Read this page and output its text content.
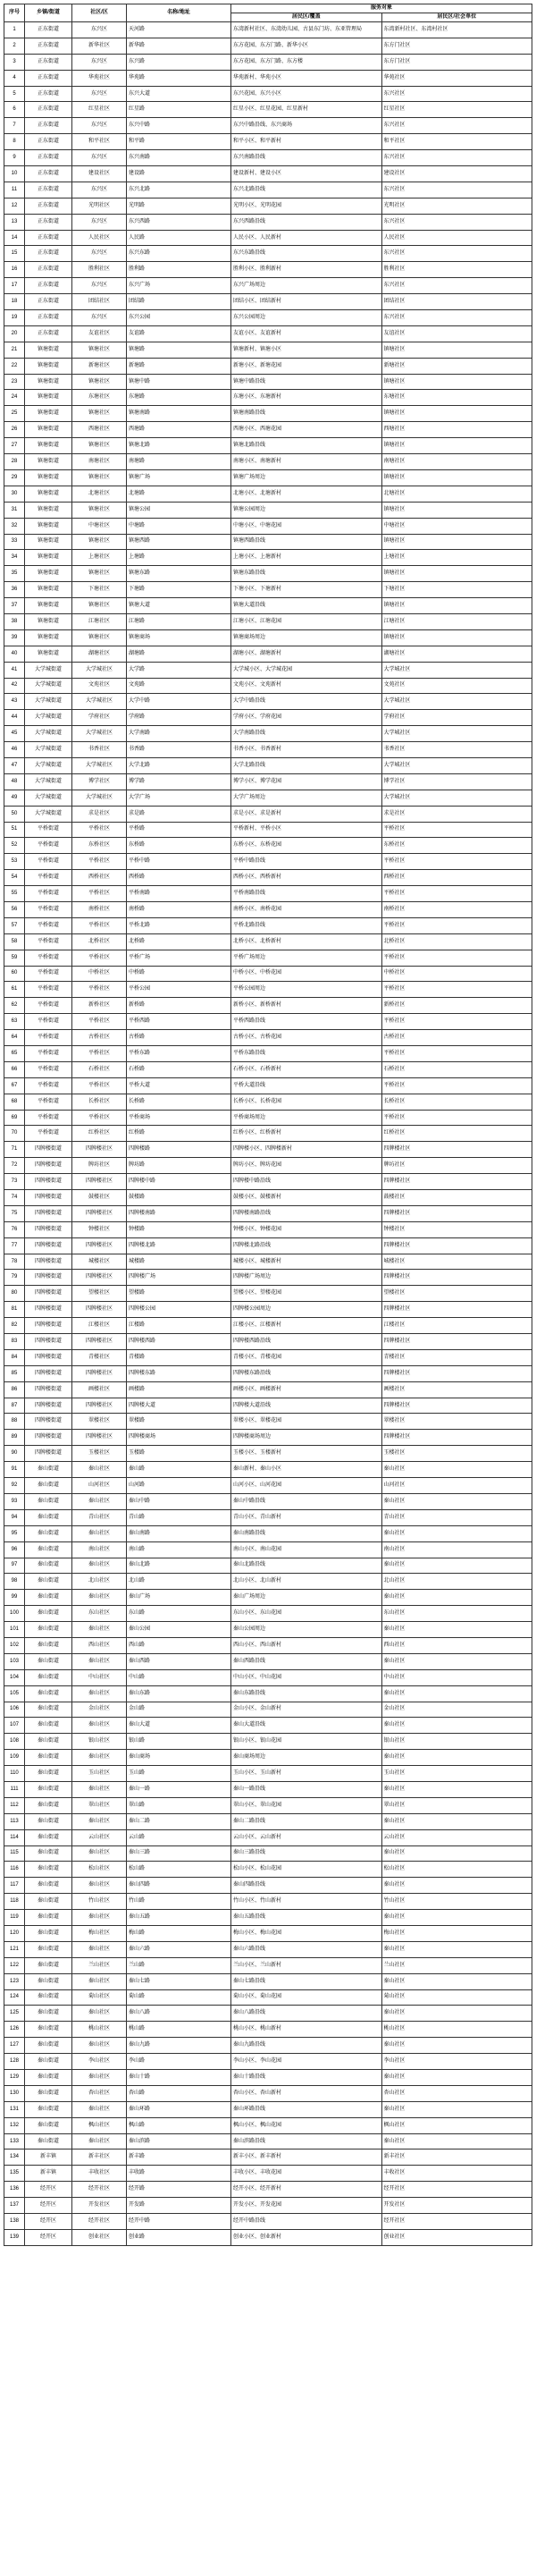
序号	乡镇/街道	社区/区	名称/地址	服务对象	
				居民区/覆盖	居民区/社会单位
1	正东街道	东兴区	天河路	东湾新村社区、东湾幼儿园、古县东门坊、东亚管理局	东湾新村社区、东湾村社区
2	正东街道	新华社区	新华路	东方花园、东方门路、新华小区	东方门社区
3	正东街道	东兴区	东兴路	东方花园、东方门路、东方楼	东方门社区
4	正东街道	华苑社区	华苑路	华苑新村、华苑小区	华苑社区
5	正东街道	东兴区	东兴大道	东兴花园、东兴小区	东兴社区
6	正东街道	红星社区	红星路	红星小区、红星花园、红星新村	红星社区
7	正东街道	东兴区	东兴中路	东兴中路沿线、东兴商场	东兴社区
8	正东街道	和平社区	和平路	和平小区、和平新村	和平社区
9	正东街道	东兴区	东兴南路	东兴南路沿线	东兴社区
10	正东街道	建设社区	建设路	建设新村、建设小区	建设社区
11	正东街道	东兴区	东兴北路	东兴北路沿线	东兴社区
12	正东街道	光明社区	光明路	光明小区、光明花园	光明社区
13	正东街道	东兴区	东兴西路	东兴西路沿线	东兴社区
14	正东街道	人民社区	人民路	人民小区、人民新村	人民社区
15	正东街道	东兴区	东兴东路	东兴东路沿线	东兴社区
16	正东街道	胜利社区	胜利路	胜利小区、胜利新村	胜利社区
17	正东街道	东兴区	东兴广场	东兴广场周边	东兴社区
18	正东街道	团结社区	团结路	团结小区、团结新村	团结社区
19	正东街道	东兴区	东兴公园	东兴公园周边	东兴社区
20	正东街道	友谊社区	友谊路	友谊小区、友谊新村	友谊社区
21	镇塘街道	镇塘社区	镇塘路	镇塘新村、镇塘小区	镇塘社区
22	镇塘街道	新塘社区	新塘路	新塘小区、新塘花园	新塘社区
23	镇塘街道	镇塘社区	镇塘中路	镇塘中路沿线	镇塘社区
24	镇塘街道	东塘社区	东塘路	东塘小区、东塘新村	东塘社区
25	镇塘街道	镇塘社区	镇塘南路	镇塘南路沿线	镇塘社区
26	镇塘街道	西塘社区	西塘路	西塘小区、西塘花园	西塘社区
27	镇塘街道	镇塘社区	镇塘北路	镇塘北路沿线	镇塘社区
28	镇塘街道	南塘社区	南塘路	南塘小区、南塘新村	南塘社区
29	镇塘街道	镇塘社区	镇塘广场	镇塘广场周边	镇塘社区
30	镇塘街道	北塘社区	北塘路	北塘小区、北塘新村	北塘社区
31	镇塘街道	镇塘社区	镇塘公园	镇塘公园周边	镇塘社区
32	镇塘街道	中塘社区	中塘路	中塘小区、中塘花园	中塘社区
33	镇塘街道	镇塘社区	镇塘西路	镇塘西路沿线	镇塘社区
34	镇塘街道	上塘社区	上塘路	上塘小区、上塘新村	上塘社区
35	镇塘街道	镇塘社区	镇塘东路	镇塘东路沿线	镇塘社区
36	镇塘街道	下塘社区	下塘路	下塘小区、下塘新村	下塘社区
37	镇塘街道	镇塘社区	镇塘大道	镇塘大道沿线	镇塘社区
38	镇塘街道	江塘社区	江塘路	江塘小区、江塘花园	江塘社区
39	镇塘街道	镇塘社区	镇塘商场	镇塘商场周边	镇塘社区
40	镇塘街道	湖塘社区	湖塘路	湖塘小区、湖塘新村	湖塘社区
41	大学城街道	大学城社区	大学路	大学城小区、大学城花园	大学城社区
42	大学城街道	文苑社区	文苑路	文苑小区、文苑新村	文苑社区
43	大学城街道	大学城社区	大学中路	大学中路沿线	大学城社区
44	大学城街道	学府社区	学府路	学府小区、学府花园	学府社区
45	大学城街道	大学城社区	大学南路	大学南路沿线	大学城社区
46	大学城街道	书香社区	书香路	书香小区、书香新村	书香社区
47	大学城街道	大学城社区	大学北路	大学北路沿线	大学城社区
48	大学城街道	博学社区	博学路	博学小区、博学花园	博学社区
49	大学城街道	大学城社区	大学广场	大学广场周边	大学城社区
50	大学城街道	求是社区	求是路	求是小区、求是新村	求是社区
51	平桥街道	平桥社区	平桥路	平桥新村、平桥小区	平桥社区
52	平桥街道	东桥社区	东桥路	东桥小区、东桥花园	东桥社区
53	平桥街道	平桥社区	平桥中路	平桥中路沿线	平桥社区
54	平桥街道	西桥社区	西桥路	西桥小区、西桥新村	西桥社区
55	平桥街道	平桥社区	平桥南路	平桥南路沿线	平桥社区
56	平桥街道	南桥社区	南桥路	南桥小区、南桥花园	南桥社区
57	平桥街道	平桥社区	平桥北路	平桥北路沿线	平桥社区
58	平桥街道	北桥社区	北桥路	北桥小区、北桥新村	北桥社区
59	平桥街道	平桥社区	平桥广场	平桥广场周边	平桥社区
60	平桥街道	中桥社区	中桥路	中桥小区、中桥花园	中桥社区
61	平桥街道	平桥社区	平桥公园	平桥公园周边	平桥社区
62	平桥街道	新桥社区	新桥路	新桥小区、新桥新村	新桥社区
63	平桥街道	平桥社区	平桥西路	平桥西路沿线	平桥社区
64	平桥街道	古桥社区	古桥路	古桥小区、古桥花园	古桥社区
65	平桥街道	平桥社区	平桥东路	平桥东路沿线	平桥社区
66	平桥街道	石桥社区	石桥路	石桥小区、石桥新村	石桥社区
67	平桥街道	平桥社区	平桥大道	平桥大道沿线	平桥社区
68	平桥街道	长桥社区	长桥路	长桥小区、长桥花园	长桥社区
69	平桥街道	平桥社区	平桥商场	平桥商场周边	平桥社区
70	平桥街道	红桥社区	红桥路	红桥小区、红桥新村	红桥社区
71	四牌楼街道	四牌楼社区	四牌楼路	四牌楼小区、四牌楼新村	四牌楼社区
72	四牌楼街道	牌坊社区	牌坊路	牌坊小区、牌坊花园	牌坊社区
73	四牌楼街道	四牌楼社区	四牌楼中路	四牌楼中路沿线	四牌楼社区
74	四牌楼街道	鼓楼社区	鼓楼路	鼓楼小区、鼓楼新村	鼓楼社区
75	四牌楼街道	四牌楼社区	四牌楼南路	四牌楼南路沿线	四牌楼社区
76	四牌楼街道	钟楼社区	钟楼路	钟楼小区、钟楼花园	钟楼社区
77	四牌楼街道	四牌楼社区	四牌楼北路	四牌楼北路沿线	四牌楼社区
78	四牌楼街道	城楼社区	城楼路	城楼小区、城楼新村	城楼社区
79	四牌楼街道	四牌楼社区	四牌楼广场	四牌楼广场周边	四牌楼社区
80	四牌楼街道	望楼社区	望楼路	望楼小区、望楼花园	望楼社区
81	四牌楼街道	四牌楼社区	四牌楼公园	四牌楼公园周边	四牌楼社区
82	四牌楼街道	江楼社区	江楼路	江楼小区、江楼新村	江楼社区
83	四牌楼街道	四牌楼社区	四牌楼西路	四牌楼西路沿线	四牌楼社区
84	四牌楼街道	青楼社区	青楼路	青楼小区、青楼花园	青楼社区
85	四牌楼街道	四牌楼社区	四牌楼东路	四牌楼东路沿线	四牌楼社区
86	四牌楼街道	画楼社区	画楼路	画楼小区、画楼新村	画楼社区
87	四牌楼街道	四牌楼社区	四牌楼大道	四牌楼大道沿线	四牌楼社区
88	四牌楼街道	翠楼社区	翠楼路	翠楼小区、翠楼花园	翠楼社区
89	四牌楼街道	四牌楼社区	四牌楼商场	四牌楼商场周边	四牌楼社区
90	四牌楼街道	玉楼社区	玉楼路	玉楼小区、玉楼新村	玉楼社区
91	秦山街道	秦山社区	秦山路	秦山新村、秦山小区	秦山社区
92	秦山街道	山河社区	山河路	山河小区、山河花园	山河社区
93	秦山街道	秦山社区	秦山中路	秦山中路沿线	秦山社区
94	秦山街道	青山社区	青山路	青山小区、青山新村	青山社区
95	秦山街道	秦山社区	秦山南路	秦山南路沿线	秦山社区
96	秦山街道	南山社区	南山路	南山小区、南山花园	南山社区
97	秦山街道	秦山社区	秦山北路	秦山北路沿线	秦山社区
98	秦山街道	北山社区	北山路	北山小区、北山新村	北山社区
99	秦山街道	秦山社区	秦山广场	秦山广场周边	秦山社区
100	秦山街道	东山社区	东山路	东山小区、东山花园	东山社区
101	秦山街道	秦山社区	秦山公园	秦山公园周边	秦山社区
102	秦山街道	西山社区	西山路	西山小区、西山新村	西山社区
103	秦山街道	秦山社区	秦山西路	秦山西路沿线	秦山社区
104	秦山街道	中山社区	中山路	中山小区、中山花园	中山社区
105	秦山街道	秦山社区	秦山东路	秦山东路沿线	秦山社区
106	秦山街道	金山社区	金山路	金山小区、金山新村	金山社区
107	秦山街道	秦山社区	秦山大道	秦山大道沿线	秦山社区
108	秦山街道	银山社区	银山路	银山小区、银山花园	银山社区
109	秦山街道	秦山社区	秦山商场	秦山商场周边	秦山社区
110	秦山街道	玉山社区	玉山路	玉山小区、玉山新村	玉山社区
111	秦山街道	秦山社区	秦山一路	秦山一路沿线	秦山社区
112	秦山街道	翠山社区	翠山路	翠山小区、翠山花园	翠山社区
113	秦山街道	秦山社区	秦山二路	秦山二路沿线	秦山社区
114	秦山街道	云山社区	云山路	云山小区、云山新村	云山社区
115	秦山街道	秦山社区	秦山三路	秦山三路沿线	秦山社区
116	秦山街道	松山社区	松山路	松山小区、松山花园	松山社区
117	秦山街道	秦山社区	秦山四路	秦山四路沿线	秦山社区
118	秦山街道	竹山社区	竹山路	竹山小区、竹山新村	竹山社区
119	秦山街道	秦山社区	秦山五路	秦山五路沿线	秦山社区
120	秦山街道	梅山社区	梅山路	梅山小区、梅山花园	梅山社区
121	秦山街道	秦山社区	秦山六路	秦山六路沿线	秦山社区
122	秦山街道	兰山社区	兰山路	兰山小区、兰山新村	兰山社区
123	秦山街道	秦山社区	秦山七路	秦山七路沿线	秦山社区
124	秦山街道	菊山社区	菊山路	菊山小区、菊山花园	菊山社区
125	秦山街道	秦山社区	秦山八路	秦山八路沿线	秦山社区
126	秦山街道	桃山社区	桃山路	桃山小区、桃山新村	桃山社区
127	秦山街道	秦山社区	秦山九路	秦山九路沿线	秦山社区
128	秦山街道	李山社区	李山路	李山小区、李山花园	李山社区
129	秦山街道	秦山社区	秦山十路	秦山十路沿线	秦山社区
130	秦山街道	杏山社区	杏山路	杏山小区、杏山新村	杏山社区
131	秦山街道	秦山社区	秦山环路	秦山环路沿线	秦山社区
132	秦山街道	枫山社区	枫山路	枫山小区、枫山花园	枫山社区
133	秦山街道	秦山社区	秦山滨路	秦山滨路沿线	秦山社区
134	新丰镇	新丰社区	新丰路	新丰小区、新丰新村	新丰社区
135	新丰镇	丰收社区	丰收路	丰收小区、丰收花园	丰收社区
136	经开区	经开社区	经开路	经开小区、经开新村	经开社区
137	经开区	开发社区	开发路	开发小区、开发花园	开发社区
138	经开区	经开社区	经开中路	经开中路沿线	经开社区
139	经开区	创业社区	创业路	创业小区、创业新村	创业社区
